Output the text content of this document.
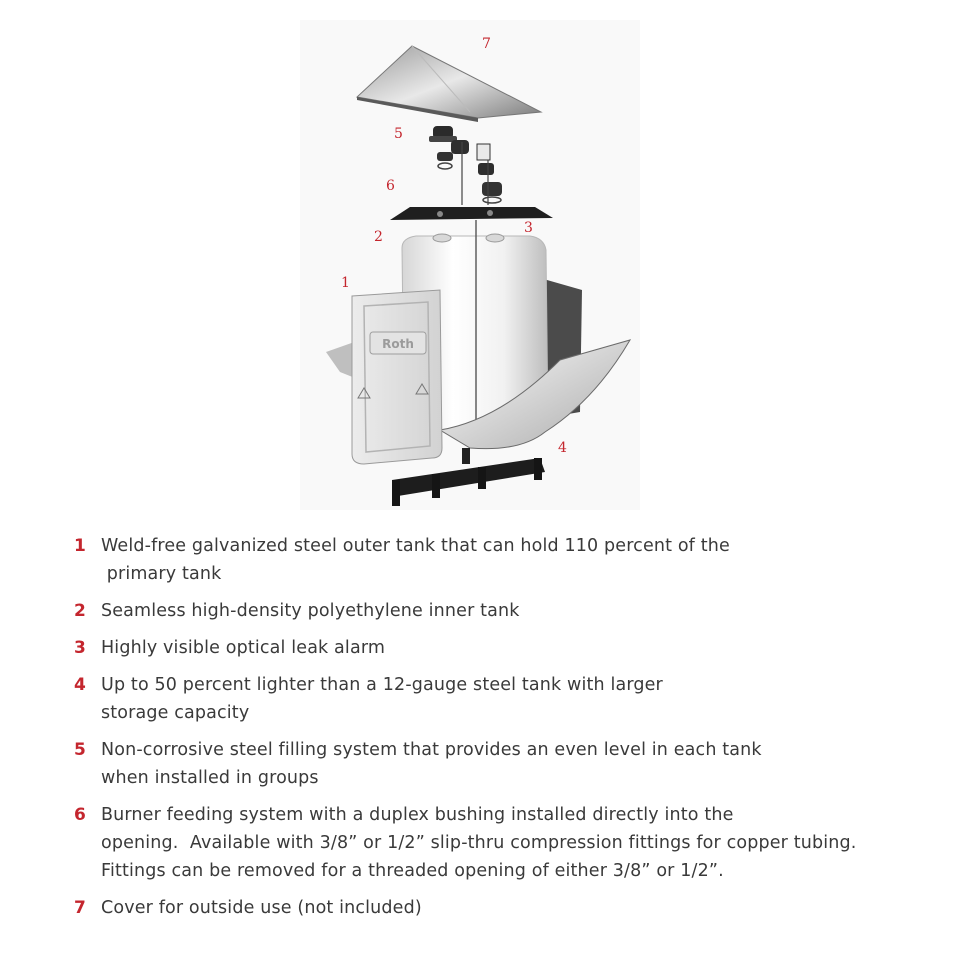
Roth
7
5
6
3
2
1
4
1 Weld-free galvanized steel outer tank that can hold 110 percent of the
primary tank
2 Seamless high-density polyethylene inner tank
3 Highly visible optical leak alarm
4 Up to 50 percent lighter than a 12-gauge steel tank with larger
storage capacity
5 Non-corrosive steel filling system that provides an even level in each tank
when installed in groups
6 Burner feeding system with a duplex bushing installed directly into the
opening.  Available with 3/8” or 1/2” slip-thru compression fittings for copper tubing.
Fittings can be removed for a threaded opening of either 3/8” or 1/2”.
7 Cover for outside use (not included)
